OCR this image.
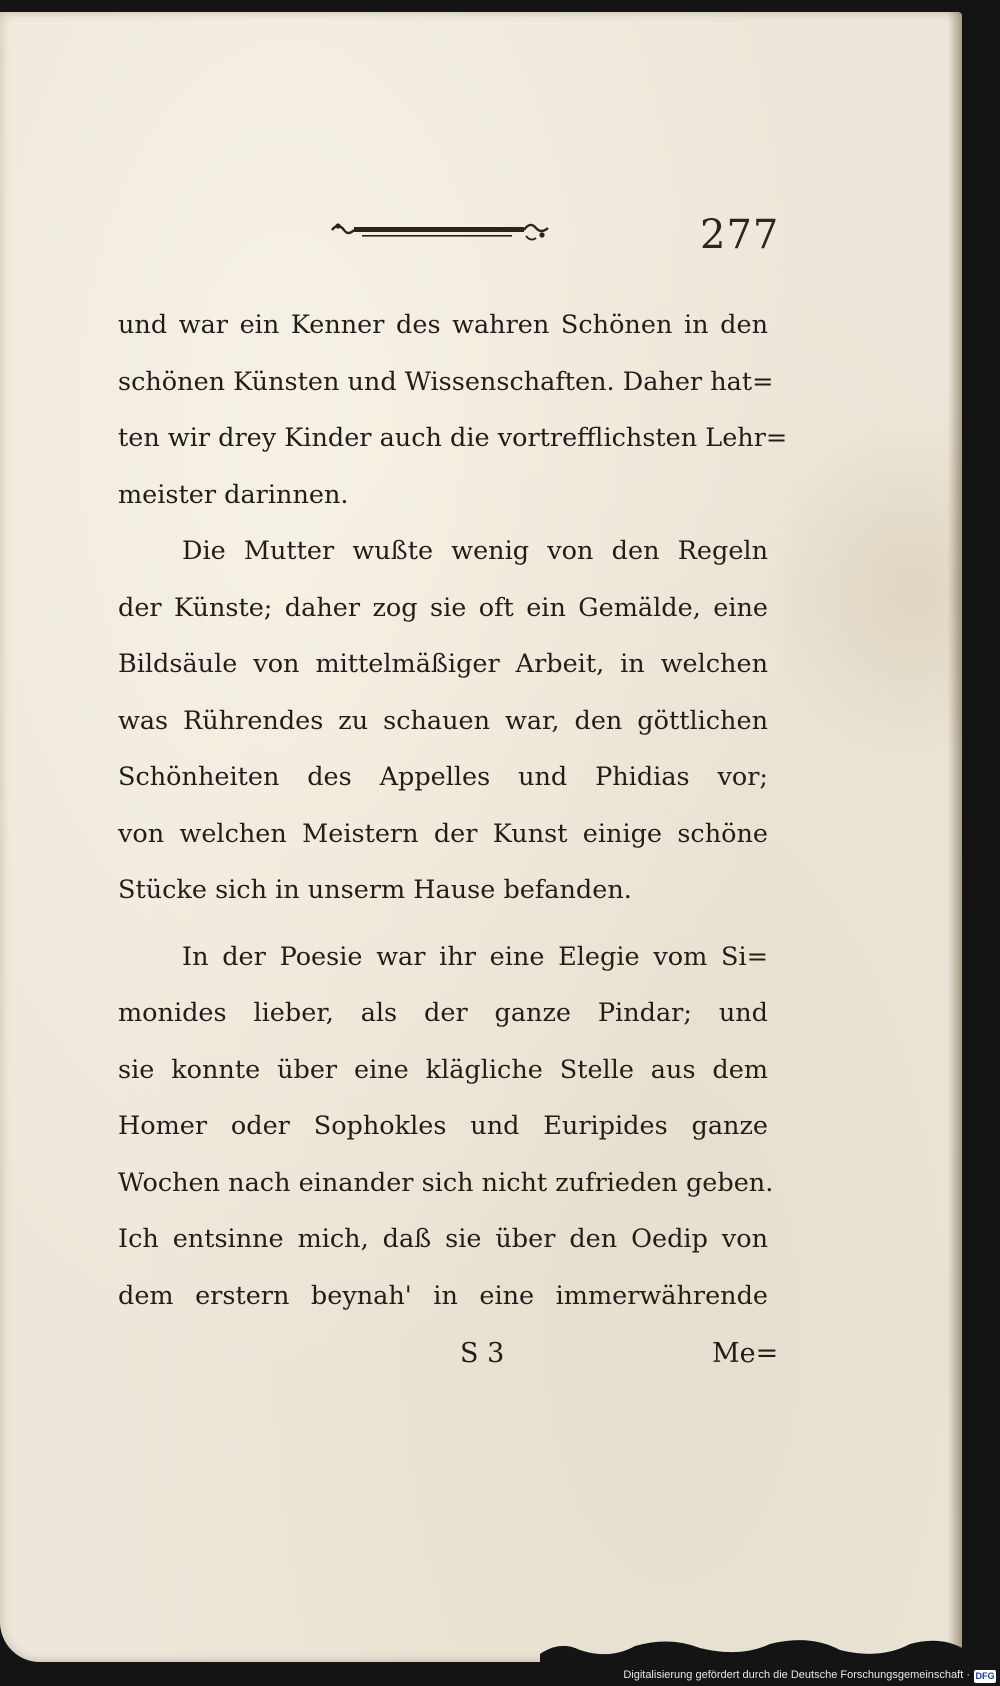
277
und war ein Kenner des wahren Schönen in den
schönen Künsten und Wissenschaften. Daher hat=
ten wir drey Kinder auch die vortrefflichsten Lehr=
meister darinnen.
Die Mutter wußte wenig von den Regeln
der Künste; daher zog sie oft ein Gemälde, eine
Bildsäule von mittelmäßiger Arbeit, in welchen
was Rührendes zu schauen war, den göttlichen
Schönheiten des Appelles und Phidias vor;
von welchen Meistern der Kunst einige schöne
Stücke sich in unserm Hause befanden.
In der Poesie war ihr eine Elegie vom Si=
monides lieber, als der ganze Pindar; und
sie konnte über eine klägliche Stelle aus dem
Homer oder Sophokles und Euripides ganze
Wochen nach einander sich nicht zufrieden geben.
Ich entsinne mich, daß sie über den Oedip von
dem erstern beynah' in eine immerwährende
S 3	Me=
Digitalisierung gefördert durch die Deutsche Forschungsgemeinschaft · DFG
